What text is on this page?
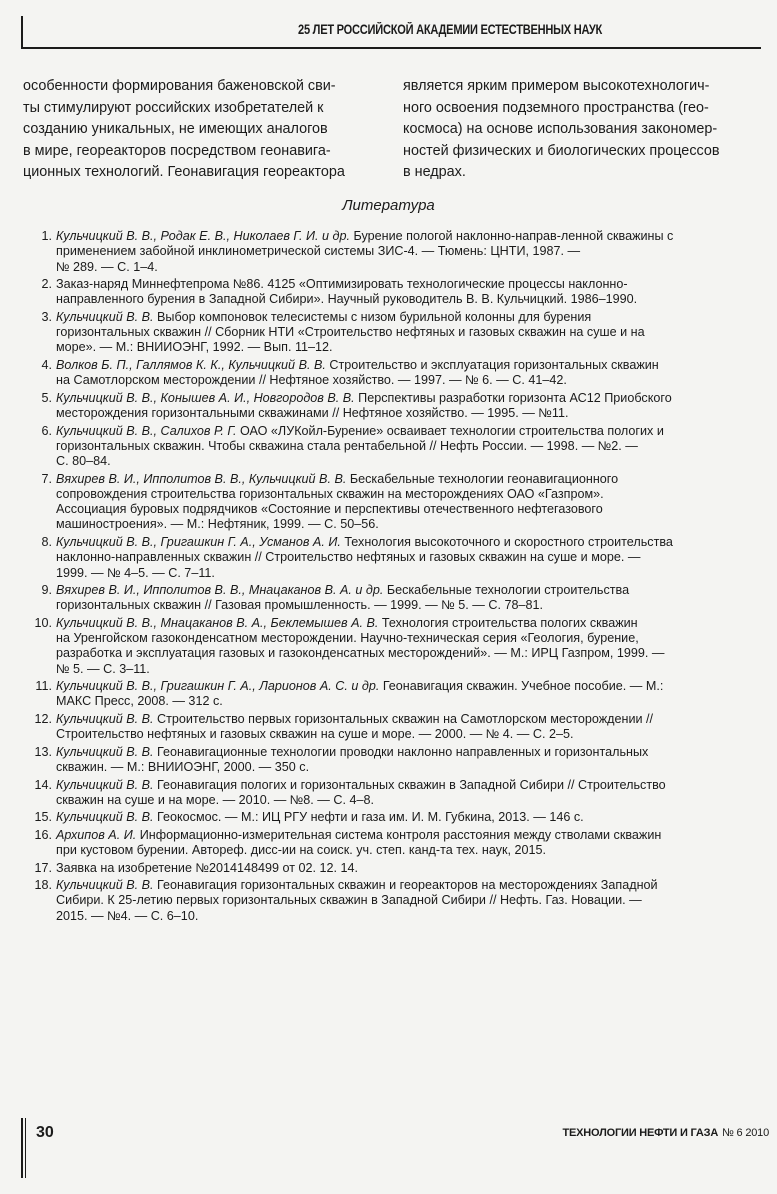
25 ЛЕТ РОССИЙСКОЙ АКАДЕМИИ ЕСТЕСТВЕННЫХ НАУК
особенности формирования баженовской сви-
ты стимулируют российских изобретателей к
созданию уникальных, не имеющих аналогов
в мире, георeакторов посредством геонавига-
ционных технологий. Геонавигация георeактора
является ярким примером высокотехнологич-
ного освоения подземного пространства (гео-
космоса) на основе использования закономер-
ностей физических и биологических процессов
в недрах.
Литература
1. Кульчицкий В. В., Родак Е. В., Николаев Г. И. и др. Бурение пологой наклонно-направ-ленной скважины с
применением забойной инклинометрической системы ЗИС-4. — Тюмень: ЦНТИ, 1987. —
№ 289. — С. 1–4.
2. Заказ-наряд Миннефтепрома №86. 4125 «Оптимизировать технологические процессы наклонно-
направленного бурения в Западной Сибири». Научный руководитель В. В. Кульчицкий. 1986–1990.
3. Кульчицкий В. В. Выбор компоновок телесистемы с низом бурильной колонны для бурения
горизонтальных скважин // Сборник НТИ «Строительство нефтяных и газовых скважин на суше и на
море». — М.: ВНИИОЭНГ, 1992. — Вып. 11–12.
4. Волков Б. П., Галлямов К. К., Кульчицкий В. В. Строительство и эксплуатация горизонтальных скважин
на Самотлорском месторождении // Нефтяное хозяйство. — 1997. — № 6. — С. 41–42.
5. Кульчицкий В. В., Конышев А. И., Новгородов В. В. Перспективы разработки горизонта АС12 Приобского
месторождения горизонтальными скважинами // Нефтяное хозяйство. — 1995. — №11.
6. Кульчицкий В. В., Салихов Р. Г. ОАО «ЛУКойл-Бурение» осваивает технологии строительства пологих и
горизонтальных скважин. Чтобы скважина стала рентабельной // Нефть России. — 1998. — №2. —
С. 80–84.
7. Вяхирев В. И., Ипполитов В. В., Кульчицкий В. В. Бескабельные технологии геонавигационного
сопровождения строительства горизонтальных скважин на месторождениях ОАО «Газпром».
Ассоциация буровых подрядчиков «Состояние и перспективы отечественного нефтегазового
машиностроения». — М.: Нефтяник, 1999. — С. 50–56.
8. Кульчицкий В. В., Григашкин Г. А., Усманов А. И. Технология высокоточного и скоростного строительства
наклонно-направленных скважин // Строительство нефтяных и газовых скважин на суше и море. —
1999. — № 4–5. — С. 7–11.
9. Вяхирев В. И., Ипполитов В. В., Мнацаканов В. А. и др. Бескабельные технологии строительства
горизонтальных скважин // Газовая промышленность. — 1999. — № 5. — С. 78–81.
10. Кульчицкий В. В., Мнацаканов В. А., Беклемышев А. В. Технология строительства пологих скважин
на Уренгойском газоконденсатном месторождении. Научно-техническая серия «Геология, бурение,
разработка и эксплуатация газовых и газоконденсатных месторождений». — М.: ИРЦ Газпром, 1999. —
№ 5. — С. 3–11.
11. Кульчицкий В. В., Григашкин Г. А., Ларионов А. С. и др. Геонавигация скважин. Учебное пособие. — М.:
МАКС Пресс, 2008. — 312 с.
12. Кульчицкий В. В. Строительство первых горизонтальных скважин на Самотлорском месторождении //
Строительство нефтяных и газовых скважин на суше и море. — 2000. — № 4. — С. 2–5.
13. Кульчицкий В. В. Геонавигационные технологии проводки наклонно направленных и горизонтальных
скважин. — М.: ВНИИОЭНГ, 2000. — 350 с.
14. Кульчицкий В. В. Геонавигация пологих и горизонтальных скважин в Западной Сибири // Строительство
скважин на суше и на море. — 2010. — №8. — С. 4–8.
15. Кульчицкий В. В. Геокосмос. — М.: ИЦ РГУ нефти и газа им. И. М. Губкина, 2013. — 146 с.
16. Архипов А. И. Информационно-измерительная система контроля расстояния между стволами скважин
при кустовом бурении. Автореф. дисс-ии на соиск. уч. степ. канд-та тех. наук, 2015.
17. Заявка на изобретение №2014148499 от 02. 12. 14.
18. Кульчицкий В. В. Геонавигация горизонтальных скважин и георeакторов на месторождениях Западной
Сибири. К 25-летию первых горизонтальных скважин в Западной Сибири // Нефть. Газ. Новации. —
2015. — №4. — С. 6–10.
30	ТЕХНОЛОГИИ НЕФТИ И ГАЗА № 6 2010
